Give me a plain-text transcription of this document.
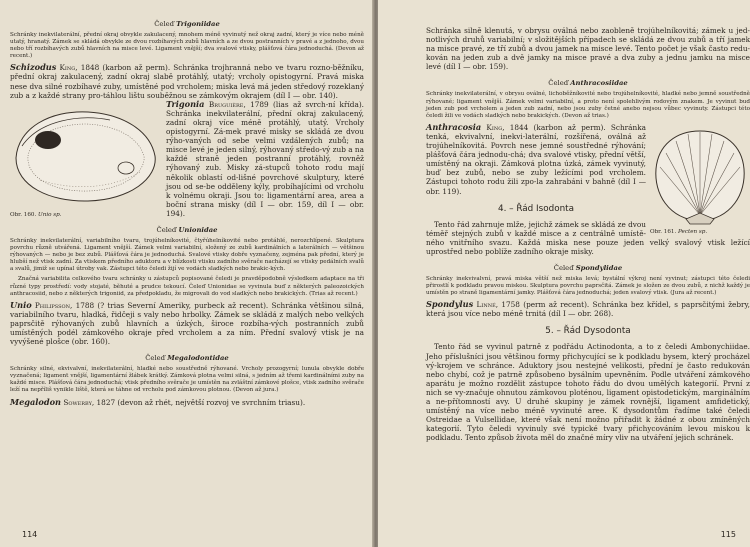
Čeleď Trigoniidae

Schránky inekvilaterální, přední okraj obvykle zakulacený, mnohem méně vyvinutý než okraj zadní, který je více nebo méně utatý, hranatý. Zámek se skládá obvykle ze dvou rozbíhavých zubů hlavních a ze dvou postranních v pravé a z jednoho, dvou nebo tří rozbíhavých zubů hlavních na misce levé. Ligament vnější; dva svalové vtisky, plášťová čára jednoduchá. (Devon až recent.)

Schizodus King, 1848 (karbon až perm). Schránka trojhranná nebo ve tvaru rozno-běžníku, přední okraj zakulacený, zadní okraj slabě protáhlý, utatý; vrcholy opistogyrní. Pravá miska nese dva silné rozbíhavé zuby, umístěné pod vrcholem; miska levá má jeden středový rozeklaný zub a z každé strany pro-táhlou lištu souběžnou se zámkovým okrajem (díl I — obr. 140).

Obr. 160. Unio sp.

Trigonia Bruguière, 1789 (lias až svrch-ní křída). Schránka inekvilaterální, přední okraj zakulacený, zadní okraj více méně protáhlý, utatý. Vrcholy opistogyrní. Zá-mek pravé misky se skládá ze dvou rýho-vaných od sebe velmi vzdálených zubů; na misce levé je jeden silný, rýhovaný středo-vý zub a na každé straně jeden postranní protáhlý, rovněž rýhovaný zub. Misky zá-stupců tohoto rodu mají několik oblastí od-lišné povrchové skulptury, které jsou od se-be odděleny kýly, probíhajícími od vrcholu k volnému okraji. Jsou to: ligamentární area, area a boční strana misky (díl I — obr. 159, díl I — obr. 194).

Čeleď Unionidae

Schránky inekvilaterální, variabilního tvaru, trojúhelníkovité, čtyřúhelníkovité nebo protáhlé, nerozchlípené. Skulptura povrchu různě utvářená. Ligament vnější. Zámek velmi variabilní, složený ze zubů kardinálních a laterálních — většinou rýhovaných — nebo je bez zubů. Plášťová čára je jednoduchá. Svalové vtisky dobře vyznačeny, zejména pak přední, který je hlubší než vtisk zadní. Za vtiskem předního aduktoru a v blízkosti vtisku zadního svěrače nacházejí se vtisky pedálních svalů a svalů, jimiž se upínal útroby vak. Zástupci této čeledi žijí ve vodách sladkých nebo brakic-kých.

Značná variabilita celkového tvaru schránky u zástupců popisované čeledi je pravděpodobně výsledkem adaptace na tři různé typy prostředí: vody stojaté, běhuté a prudce tekoucí. Čeleď Unionidae se vyvinula buď z některých paleozoických anthracosiid, nebo z některých trigoniid, za předpokladu, že migrovali do vod sladkých nebo brakických. (Trias až recent.)

Unio Philipsson, 1788 (? trias Severní Ameriky, purbeck až recent). Schránka většinou silná, variabilního tvaru, hladká, řidčeji s valy nebo hrbolky. Zámek se skládá z malých nebo velkých paprsčitě rýhovaných zubů hlavních a úzkých, široce rozbíha-vých postranních zubů umístěných podél zámkového okraje před vrcholem a za ním. Přední svalový vtisk je na vyvýšené plošce (obr. 160).

Čeleď Megalodontidae

Schránky silné, ekvivalvní, inekvilaterální, hladké nebo soustředně rýhované. Vrcholy prozogyrní; lunula obvykle dobře vyznačená; ligament vnější, ligamentární žlábek krátký. Zámková plotna velmi silná, s jedním až třemi kardinálními zuby na každé misce. Plášťová čára jednoduchá; vtisk předního svěrače je umístěn na zvláštní zámkové plošce, vtisk zadního svěrače leží na nepříliš vynikle liště, která se táhne od vrcholu pod zámkovou plotnou. (Devon až jura.)

Megalodon Sowerby, 1827 (devon až rhét, největší rozvoj ve svrchním triasu).

114

Schránka silně klenutá, v obrysu oválná nebo zaobleně trojúhelníkovitá; zámek u jed-notlivých druhů variabilní; v složitějších případech se skládá ze dvou zubů a tří jamek na misce pravé, ze tří zubů a dvou jamek na misce levé. Tento počet je však často redu-kován na jeden zub a dvě jamky na misce pravé a dva zuby a jednu jamku na misce levé (díl I — obr. 159).

Čeleď Anthracosiidae

Schránky inekvilaterální, v obrysu oválné, lichoběžníkovité nebo trojúhelníkovité, hladké nebo jemně soustředně rýhované; ligament vnější. Zámek velmi variabilní, a proto není spolehlivým rodovým znakem. Je vyvinut buď jeden zub pod vrcholem a jeden zub zadní, nebo jsou zuby četné anebo nejsou vůbec vyvinuty. Zástupci této čeledi žili ve vodách sladkých nebo brakických. (Devon až trias.)

Obr. 161. Pecten sp.

Anthracosia King, 1844 (karbon až perm). Schránka tenká, ekvivalvní, inekvi-laterální, rozšířená, oválná až trojúhelníkovitá. Povrch nese jemné soustředné rýhování; plášťová čára jednodu-chá; dva svalové vtisky, přední větší, umístěný na okraji. Zámková plotna úzká, zámek vyvinutý, buď bez zubů, nebo se zuby ležícími pod vrcholem. Zástupci tohoto rodu žili zpo-la zahrabáni v bahně (díl I — obr. 119).

4. – Řád Isodonta

Tento řád zahrnuje mlže, jejichž zámek se skládá ze dvou téměř stejných zubů v každé misce a z centrálně umístě-ného vnitřního svazu. Každá miska nese pouze jeden velký svalový vtisk ležící uprostřed nebo poblíže zadního okraje misky.

Čeleď Spondylidae

Schránky inekvivalvní, pravá miska větší než miska levá; bystální výkroj není vyvinut; zástupci této čeledi přirostlí k podkladu pravou miskou. Skulptura povrchu paprsčitá. Zámek je složen ze dvou zubů, z nichž každý je umístěn po straně ligamentární jamky. Plášťová čára jednoduchá; jeden svalový vtisk. (Jura až recent.)

Spondylus Linné, 1758 (perm až recent). Schránka bez křídel, s paprsčitými žebry, která jsou více nebo méně trnitá (díl I — obr. 268).

5. – Řád Dysodonta

Tento řád se vyvinul patrně z podřádu Actinodonta, a to z čeledi Ambonychiidae. Jeho příslušníci jsou většinou formy přichycující se k podkladu bysem, který procházel vý-krojem ve schránce. Aduktory jsou nestejné velikosti, přední je často redukován nebo chybí, což je patrně způsobeno bysálním upevněním. Podle utváření zámkového aparátu je možno rozdělit zástupce tohoto řádu do dvou umělých kategorií. První z nich se vy-značuje ohnutou zámkovou ploténou, ligament opistodetickým, marginálním a ne-přítomností avy. U druhé skupiny je zámek rovnější, ligament amfidetický, umístěný na více nebo méně vyvinuté aree. K dysodontům řadíme také čeledi Ostreidae a Vulsellidae, které však není možno přiřadit k žádné z obou zmíněných kategorií. Tyto čeledi vyvinuly své typické tvary přichycováním levou miskou k podkladu. Tento způsob života měl do značné míry vliv na utváření jejich schránek.

115
